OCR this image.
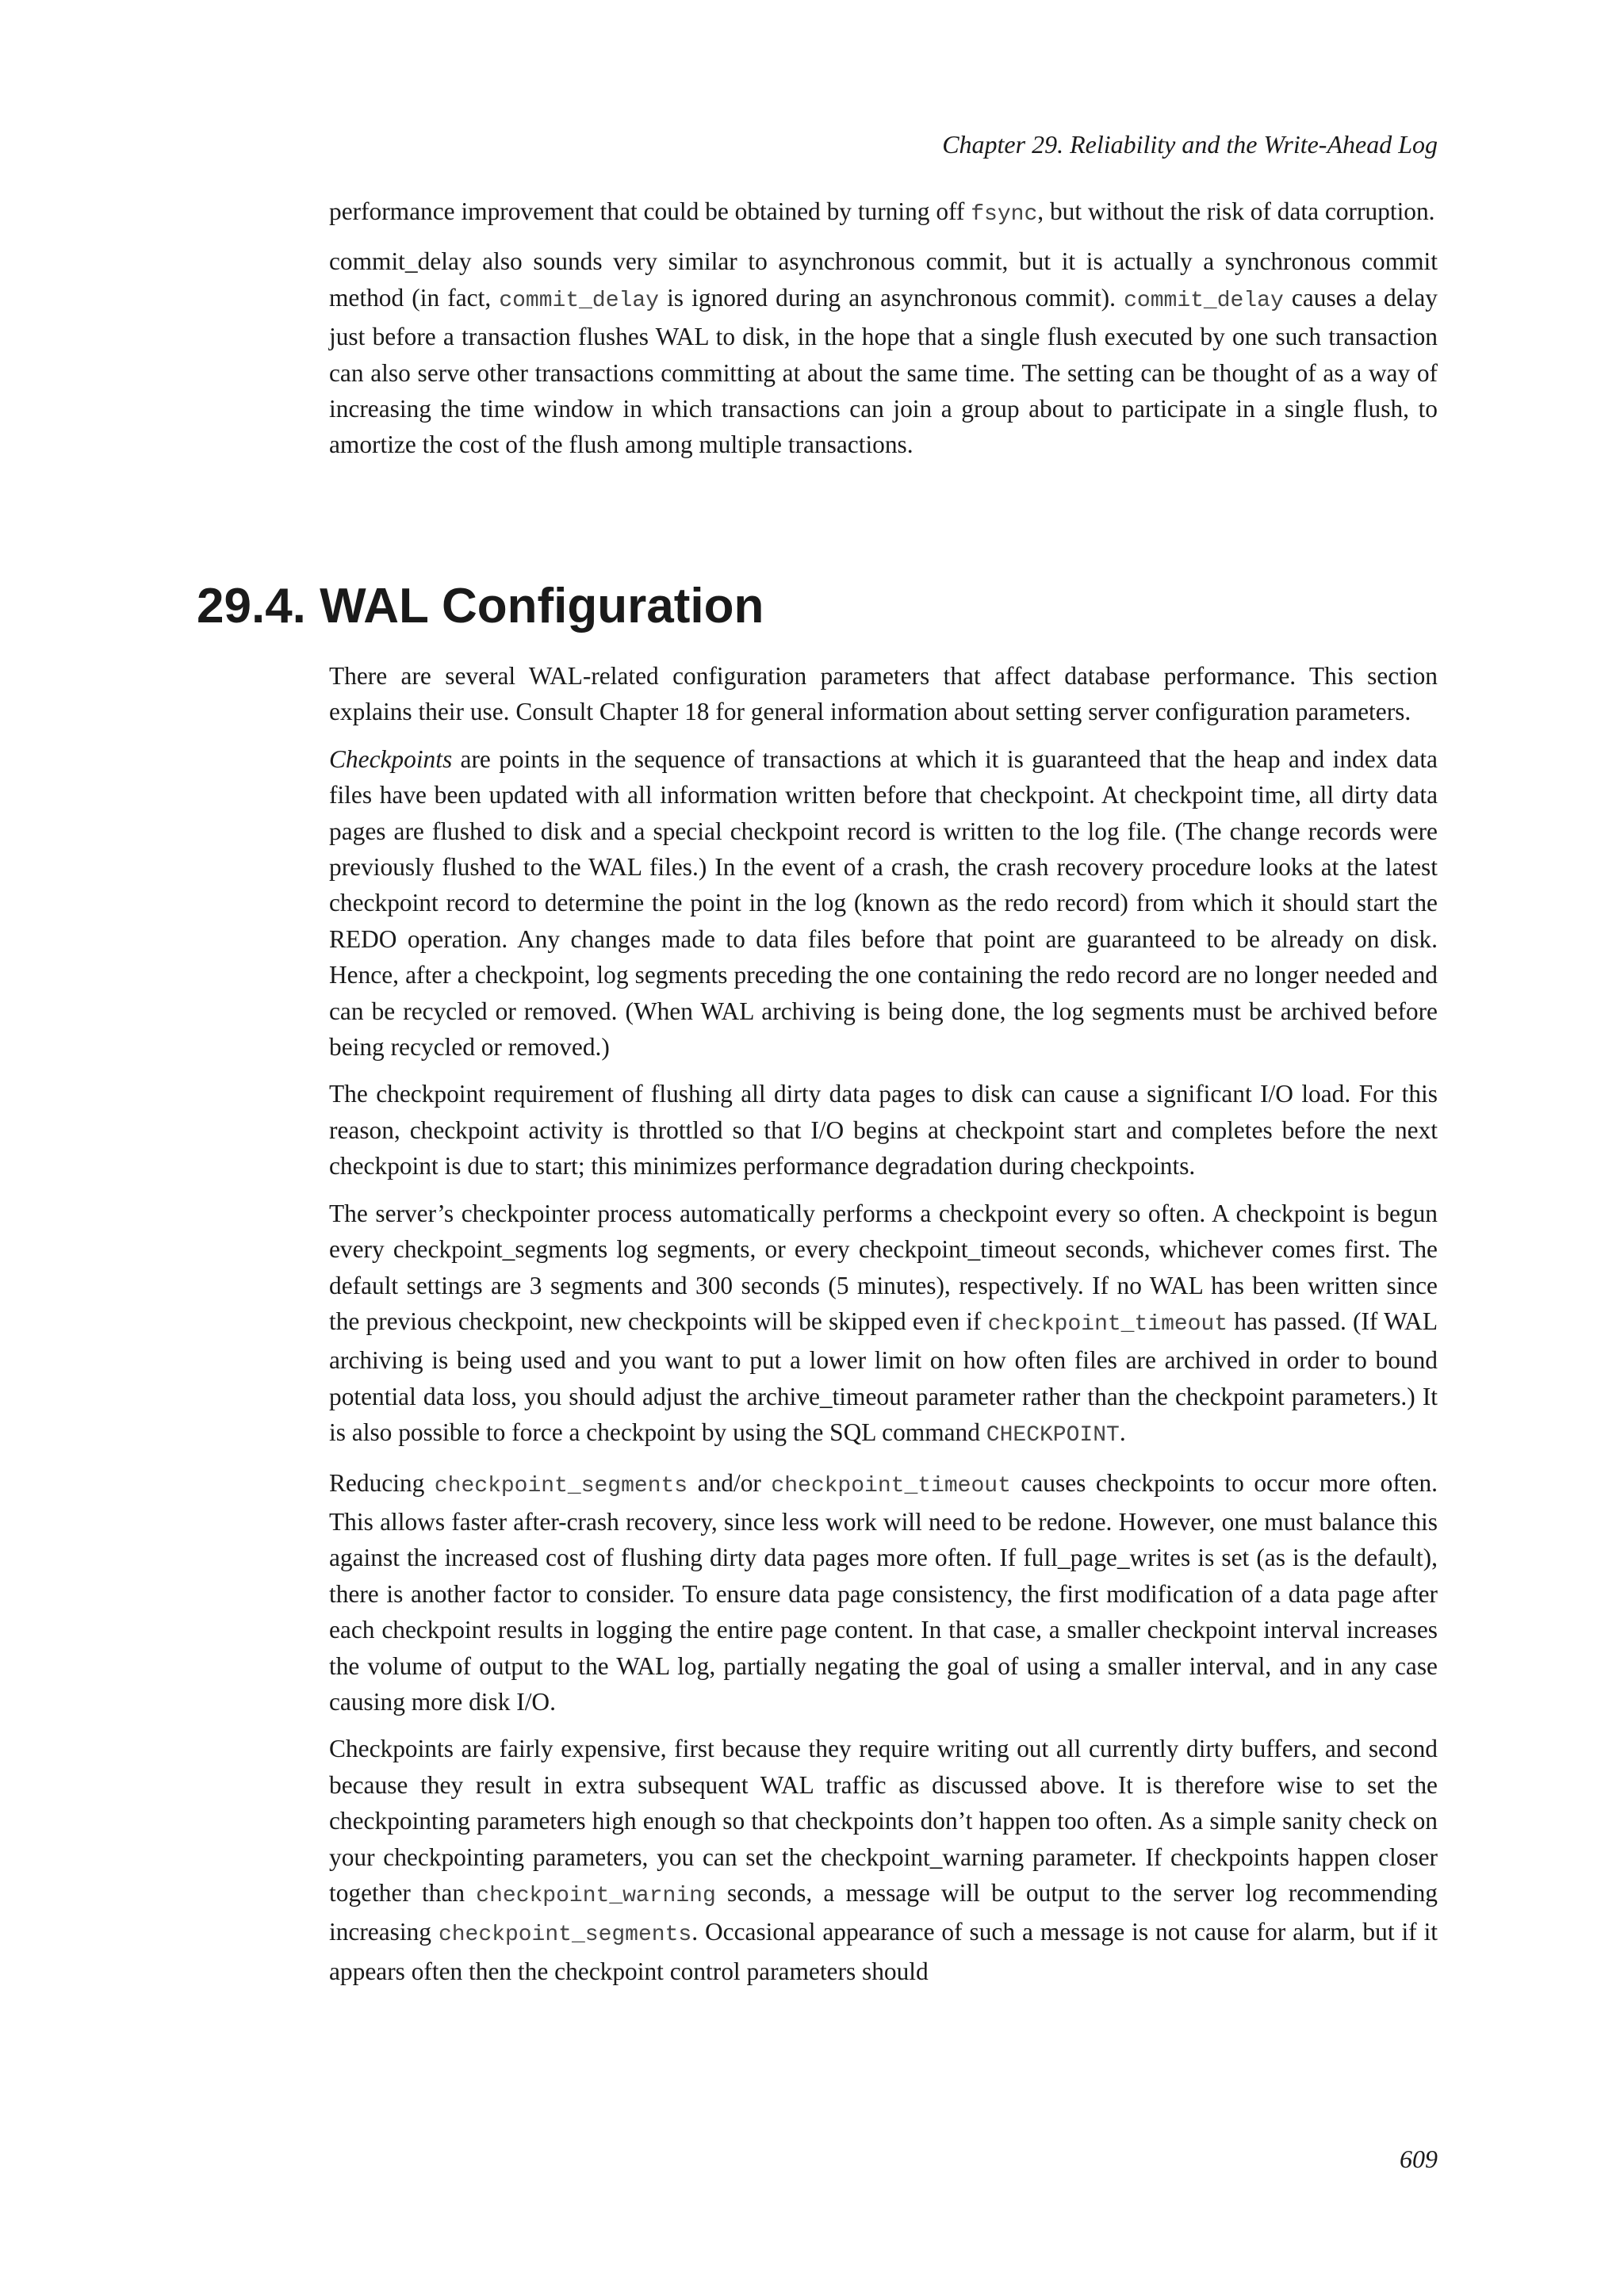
Chapter 29. Reliability and the Write-Ahead Log

performance improvement that could be obtained by turning off fsync, but without the risk of data corruption.

commit_delay also sounds very similar to asynchronous commit, but it is actually a synchronous commit method (in fact, commit_delay is ignored during an asynchronous commit). commit_delay causes a delay just before a transaction flushes WAL to disk, in the hope that a single flush executed by one such transaction can also serve other transactions committing at about the same time. The setting can be thought of as a way of increasing the time window in which transactions can join a group about to participate in a single flush, to amortize the cost of the flush among multiple transactions.

29.4. WAL Configuration

There are several WAL-related configuration parameters that affect database performance. This section explains their use. Consult Chapter 18 for general information about setting server configuration parameters.

Checkpoints are points in the sequence of transactions at which it is guaranteed that the heap and index data files have been updated with all information written before that checkpoint. At checkpoint time, all dirty data pages are flushed to disk and a special checkpoint record is written to the log file. (The change records were previously flushed to the WAL files.) In the event of a crash, the crash recovery procedure looks at the latest checkpoint record to determine the point in the log (known as the redo record) from which it should start the REDO operation. Any changes made to data files before that point are guaranteed to be already on disk. Hence, after a checkpoint, log segments preceding the one containing the redo record are no longer needed and can be recycled or removed. (When WAL archiving is being done, the log segments must be archived before being recycled or removed.)

The checkpoint requirement of flushing all dirty data pages to disk can cause a significant I/O load. For this reason, checkpoint activity is throttled so that I/O begins at checkpoint start and completes before the next checkpoint is due to start; this minimizes performance degradation during checkpoints.

The server’s checkpointer process automatically performs a checkpoint every so often. A checkpoint is begun every checkpoint_segments log segments, or every checkpoint_timeout seconds, whichever comes first. The default settings are 3 segments and 300 seconds (5 minutes), respectively. If no WAL has been written since the previous checkpoint, new checkpoints will be skipped even if checkpoint_timeout has passed. (If WAL archiving is being used and you want to put a lower limit on how often files are archived in order to bound potential data loss, you should adjust the archive_timeout parameter rather than the checkpoint parameters.) It is also possible to force a checkpoint by using the SQL command CHECKPOINT.

Reducing checkpoint_segments and/or checkpoint_timeout causes checkpoints to occur more often. This allows faster after-crash recovery, since less work will need to be redone. However, one must balance this against the increased cost of flushing dirty data pages more often. If full_page_writes is set (as is the default), there is another factor to consider. To ensure data page consistency, the first modification of a data page after each checkpoint results in logging the entire page content. In that case, a smaller checkpoint interval increases the volume of output to the WAL log, partially negating the goal of using a smaller interval, and in any case causing more disk I/O.

Checkpoints are fairly expensive, first because they require writing out all currently dirty buffers, and second because they result in extra subsequent WAL traffic as discussed above. It is therefore wise to set the checkpointing parameters high enough so that checkpoints don’t happen too often. As a simple sanity check on your checkpointing parameters, you can set the checkpoint_warning parameter. If checkpoints happen closer together than checkpoint_warning seconds, a message will be output to the server log recommending increasing checkpoint_segments. Occasional appearance of such a message is not cause for alarm, but if it appears often then the checkpoint control parameters should

609
